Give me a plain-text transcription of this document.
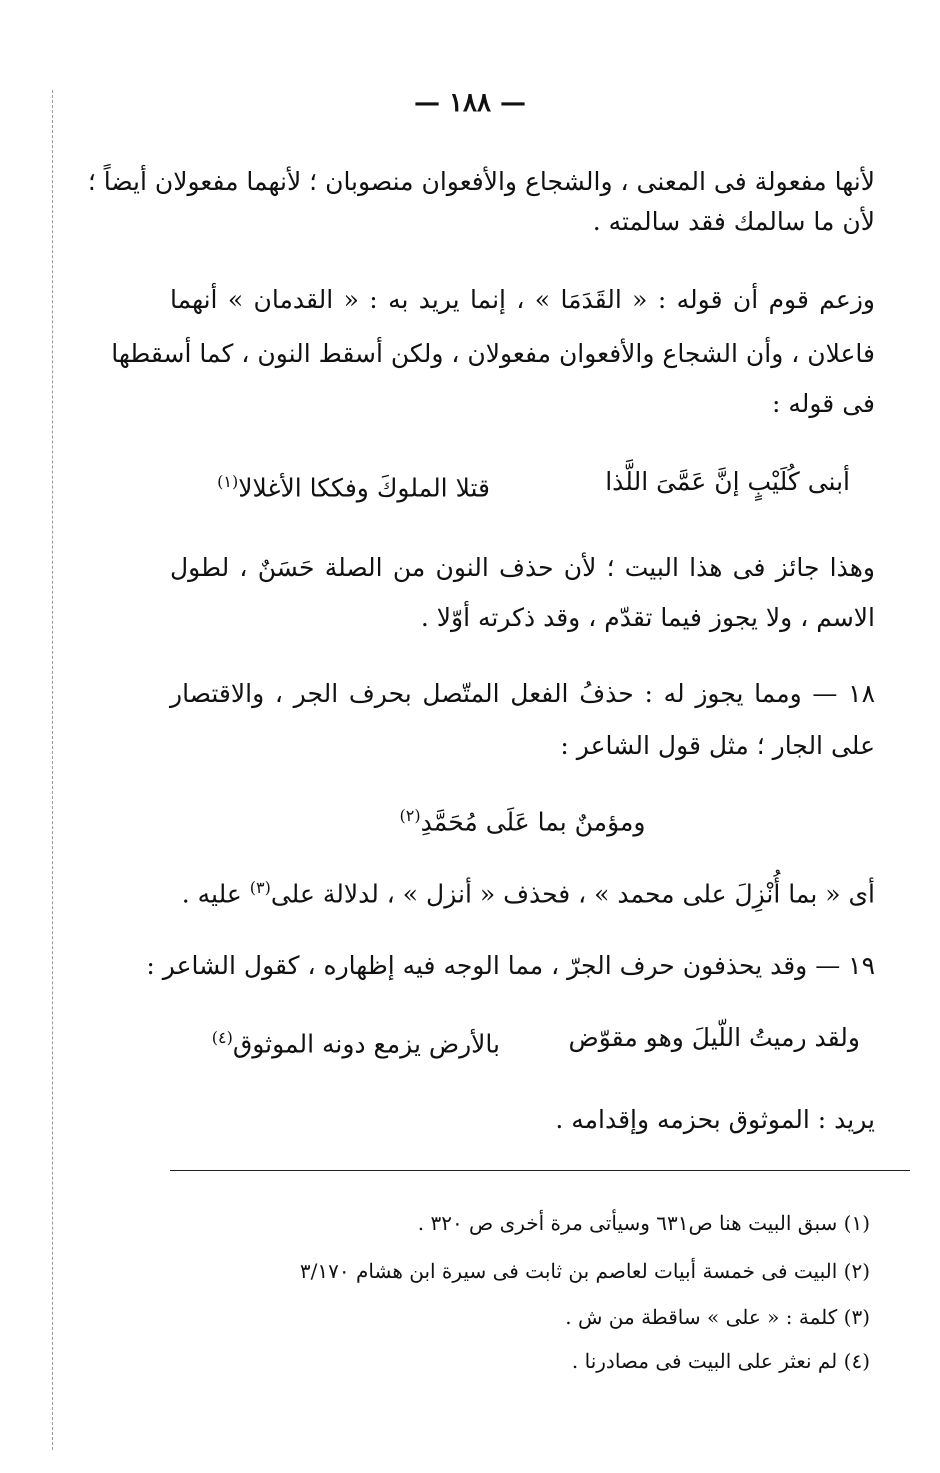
— ١٨٨ —
لأنها مفعولة فى المعنى ، والشجاع والأفعوان منصوبان ؛ لأنهما مفعولان أيضاً ؛
لأن ما سالمك فقد سالمته .
وزعم قوم أن قوله : « القَدَمَا » ، إنما يريد به : « القدمان » أنهما
فاعلان ، وأن الشجاع والأفعوان مفعولان ، ولكن أسقط النون ، كما أسقطها
فى قوله :
أبنى كُلَيْبٍ إنَّ عَمَّىَ اللَّذا
قتلا الملوكَ وفككا الأغلالا$^{(١)}$
وهذا جائز فى هذا البيت ؛ لأن حذف النون من الصلة حَسَنٌ ، لطول
الاسم ، ولا يجوز فيما تقدّم ، وقد ذكرته أوّلا .
١٨ — ومما يجوز له : حذفُ الفعل المتّصل بحرف الجر ، والاقتصار
على الجار ؛ مثل قول الشاعر :
ومؤمنٌ بما عَلَى مُحَمَّدِ$^{(٢)}$
أى « بما أُنْزِلَ على محمد » ، فحذف « أنزل » ، لدلالة على$^{(٣)}$ عليه .
١٩ — وقد يحذفون حرف الجرّ ، مما الوجه فيه إظهاره ، كقول الشاعر :
ولقد رميتُ اللّيلَ وهو مقوّض
بالأرض يزمع دونه الموثوق$^{(٤)}$
يريد : الموثوق بحزمه وإقدامه .
(١) سبق البيت هنا ص٦٣١ وسيأتى مرة أخرى ص ٣٢٠ .
(٢) البيت فى خمسة أبيات لعاصم بن ثابت فى سيرة ابن هشام ٣/١٧٠
(٣) كلمة : « على » ساقطة من ش .
(٤) لم نعثر على البيت فى مصادرنا .
